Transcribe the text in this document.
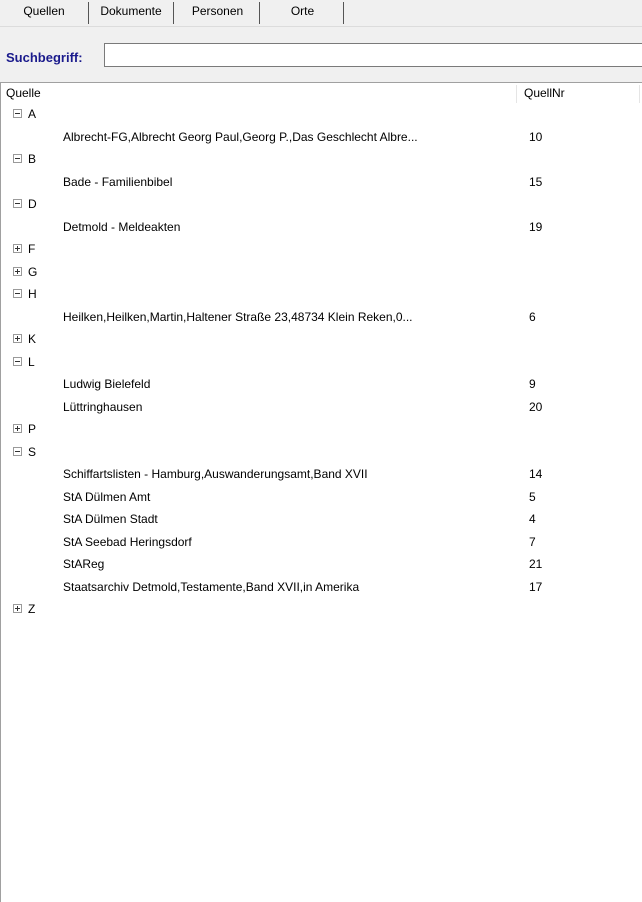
Quellen	Dokumente	Personen	Orte
Suchbegriff:
Quelle	QuellNr
A
Albrecht-FG,Albrecht Georg Paul,Georg P.,Das Geschlecht Albre...	10
B
Bade - Familienbibel	15
D
Detmold - Meldeakten	19
F
G
H
Heilken,Heilken,Martin,Haltener Straße 23,48734 Klein Reken,0...	6
K
L
Ludwig Bielefeld	9
Lüttringhausen	20
P
S
Schiffartslisten - Hamburg,Auswanderungsamt,Band XVII	14
StA Dülmen Amt	5
StA Dülmen Stadt	4
StA Seebad Heringsdorf	7
StAReg	21
Staatsarchiv Detmold,Testamente,Band XVII,in Amerika	17
Z
